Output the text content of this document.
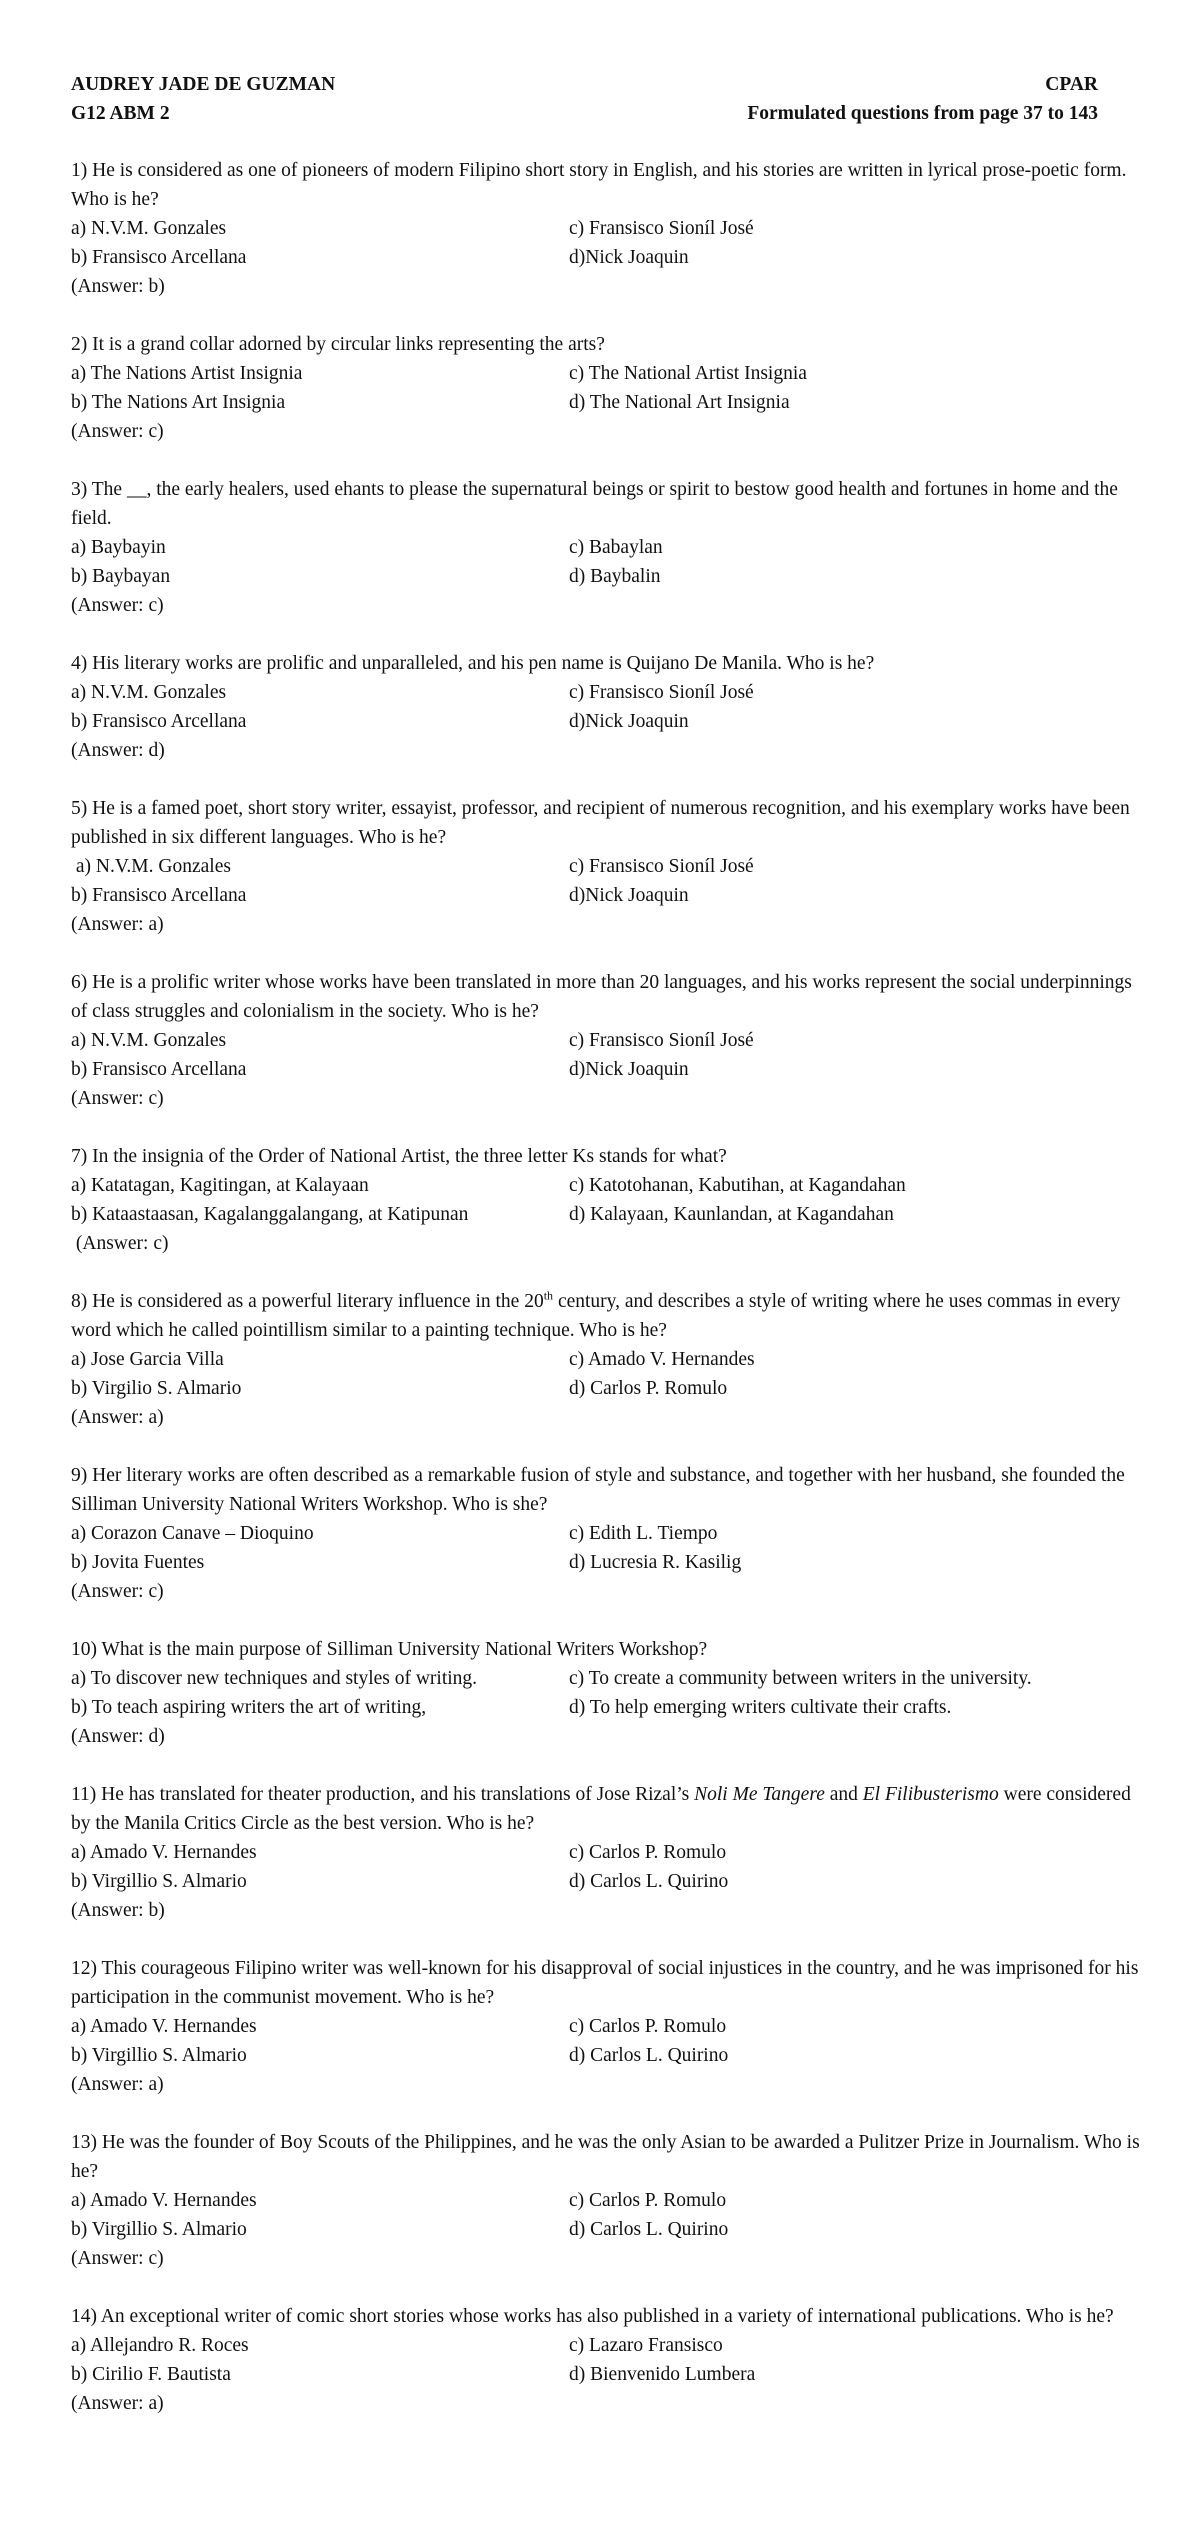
AUDREY JADE DE GUZMAN	CPAR
G12 ABM 2	Formulated questions from page 37 to 143
1) He is considered as one of pioneers of modern Filipino short story in English, and his stories are written in lyrical prose-poetic form. Who is he?
a) N.V.M. Gonzales	c) Fransisco Sioníl José
b) Fransisco Arcellana	d)Nick Joaquin
(Answer: b)
2) It is a grand collar adorned by circular links representing the arts?
a) The Nations Artist Insignia	c) The National Artist Insignia
b) The Nations Art Insignia	d) The National Art Insignia
(Answer: c)
3) The __, the early healers, used ehants to please the supernatural beings or spirit to bestow good health and fortunes in home and the field.
a) Baybayin	c) Babaylan
b) Baybayan	d) Baybalin
(Answer: c)
4) His literary works are prolific and unparalleled, and his pen name is Quijano De Manila. Who is he?
a) N.V.M. Gonzales	c) Fransisco Sioníl José
b) Fransisco Arcellana	d)Nick Joaquin
(Answer: d)
5) He is a famed poet, short story writer, essayist, professor, and recipient of numerous recognition, and his exemplary works have been published in six different languages. Who is he?
a) N.V.M. Gonzales	c) Fransisco Sioníl José
b) Fransisco Arcellana	d)Nick Joaquin
(Answer: a)
6) He is a prolific writer whose works have been translated in more than 20 languages, and his works represent the social underpinnings of class struggles and colonialism in the society. Who is he?
a) N.V.M. Gonzales	c) Fransisco Sioníl José
b) Fransisco Arcellana	d)Nick Joaquin
(Answer: c)
7) In the insignia of the Order of National Artist, the three letter Ks stands for what?
a) Katatagan, Kagitingan, at Kalayaan	c) Katotohanan, Kabutihan, at Kagandahan
b) Kataastaasan, Kagalanggalangang, at Katipunan	d) Kalayaan, Kaunlandan, at Kagandahan
(Answer: c)
8) He is considered as a powerful literary influence in the 20th century, and describes a style of writing where he uses commas in every word which he called pointillism similar to a painting technique. Who is he?
a) Jose Garcia Villa	c) Amado V. Hernandes
b) Virgilio S. Almario	d) Carlos P. Romulo
(Answer: a)
9) Her literary works are often described as a remarkable fusion of style and substance, and together with her husband, she founded the Silliman University National Writers Workshop. Who is she?
a) Corazon Canave – Dioquino	c) Edith L. Tiempo
b) Jovita Fuentes	d) Lucresia R. Kasilig
(Answer: c)
10) What is the main purpose of Silliman University National Writers Workshop?
a) To discover new techniques and styles of writing.	c) To create a community between writers in the university.
b) To teach aspiring writers the art of writing,	d) To help emerging writers cultivate their crafts.
(Answer: d)
11) He has translated for theater production, and his translations of Jose Rizal’s Noli Me Tangere and El Filibusterismo were considered by the Manila Critics Circle as the best version. Who is he?
a) Amado V. Hernandes	c) Carlos P. Romulo
b) Virgillio S. Almario	d) Carlos L. Quirino
(Answer: b)
12) This courageous Filipino writer was well-known for his disapproval of social injustices in the country, and he was imprisoned for his participation in the communist movement. Who is he?
a) Amado V. Hernandes	c) Carlos P. Romulo
b) Virgillio S. Almario	d) Carlos L. Quirino
(Answer: a)
13) He was the founder of Boy Scouts of the Philippines, and he was the only Asian to be awarded a Pulitzer Prize in Journalism. Who is he?
a) Amado V. Hernandes	c) Carlos P. Romulo
b) Virgillio S. Almario	d) Carlos L. Quirino
(Answer: c)
14) An exceptional writer of comic short stories whose works has also published in a variety of international publications. Who is he?
a) Allejandro R. Roces	c) Lazaro Fransisco
b) Cirilio F. Bautista	d) Bienvenido Lumbera
(Answer: a)
